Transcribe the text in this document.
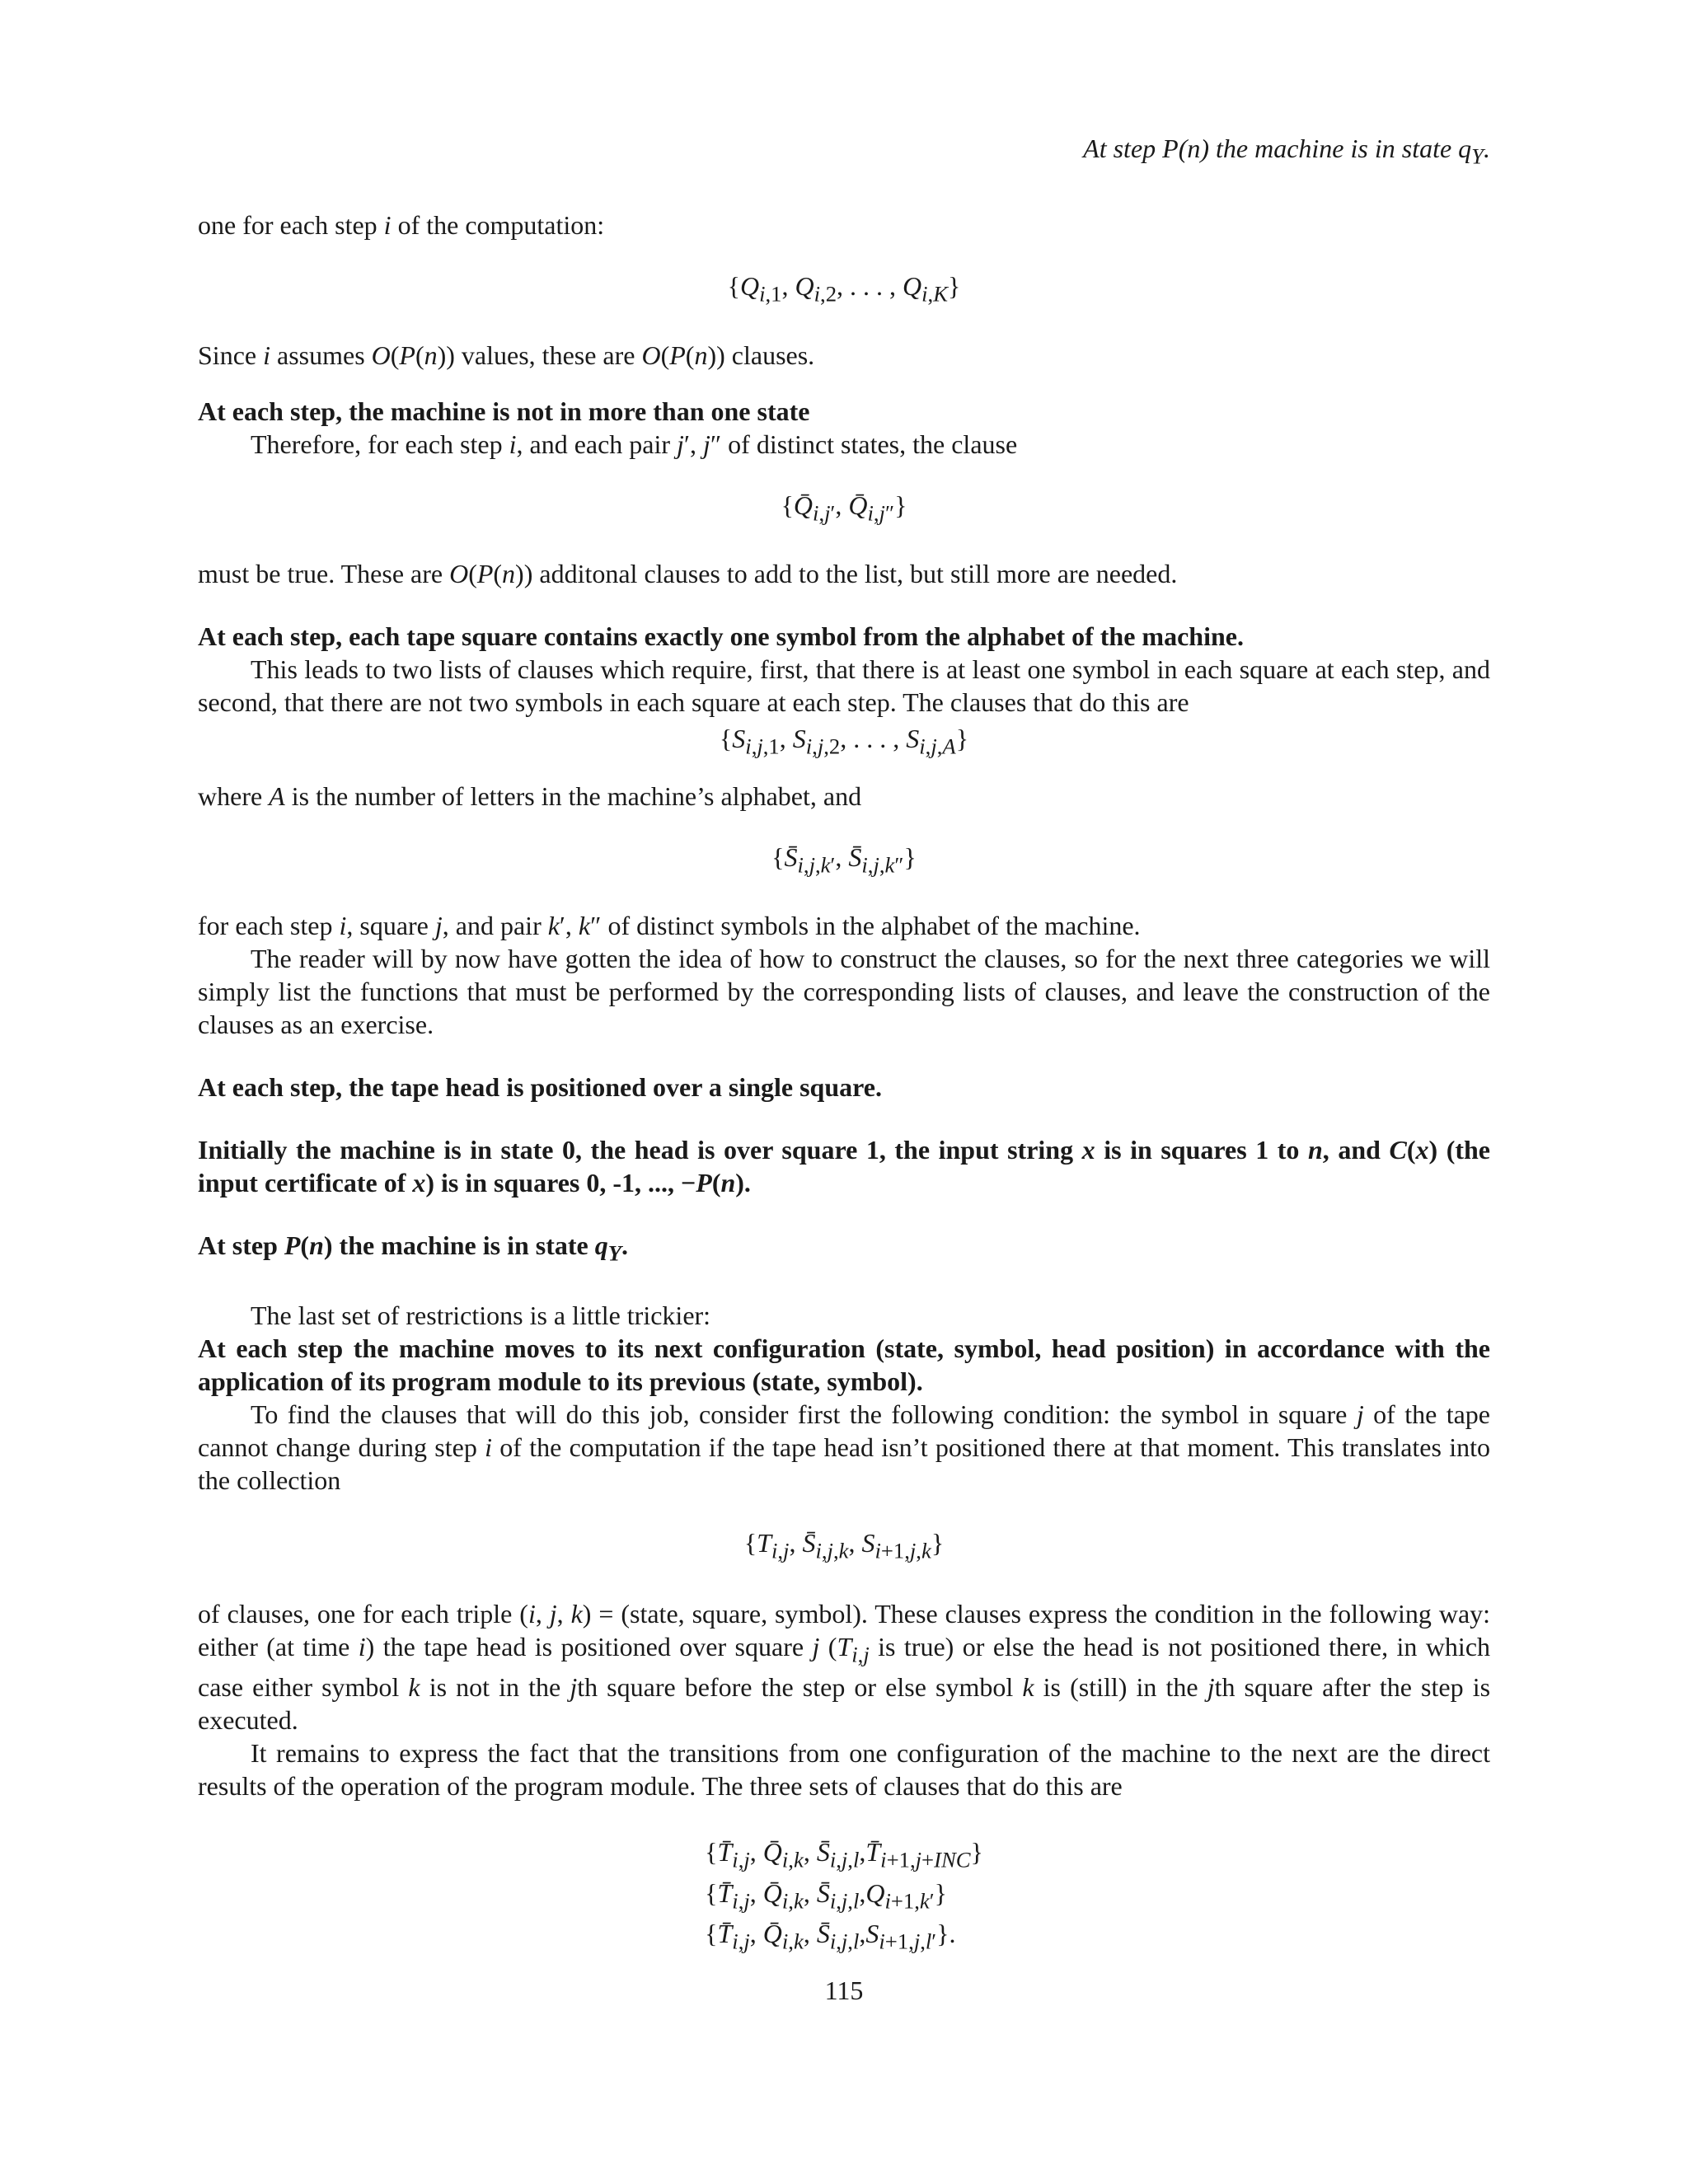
At step P(n) the machine is in state $q_Y$.

one for each step i of the computation:

{$Q_{i,1}$, $Q_{i,2}$, . . . , $Q_{i,K}$}

Since i assumes O(P(n)) values, these are O(P(n)) clauses.

At each step, the machine is not in more than one state

Therefore, for each step i, and each pair j′, j″ of distinct states, the clause

{$Q̄_{i,j'}$, $Q̄_{i,j''}$}

must be true. These are O(P(n)) additonal clauses to add to the list, but still more are needed.

At each step, each tape square contains exactly one symbol from the alphabet of the machine.

This leads to two lists of clauses which require, first, that there is at least one symbol in each square at each step, and second, that there are not two symbols in each square at each step. The clauses that do this are

{$S_{i,j,1}$, $S_{i,j,2}$, . . . , $S_{i,j,A}$}

where A is the number of letters in the machine’s alphabet, and

{$S̄_{i,j,k'}$, $S̄_{i,j,k''}$}

for each step i, square j, and pair k′, k″ of distinct symbols in the alphabet of the machine.

The reader will by now have gotten the idea of how to construct the clauses, so for the next three categories we will simply list the functions that must be performed by the corresponding lists of clauses, and leave the construction of the clauses as an exercise.

At each step, the tape head is positioned over a single square.

Initially the machine is in state 0, the head is over square 1, the input string x is in squares 1 to n, and C(x) (the input certificate of x) is in squares 0, -1, ..., −P(n).

At step P(n) the machine is in state $q_Y$.

The last set of restrictions is a little trickier:

At each step the machine moves to its next configuration (state, symbol, head position) in accordance with the application of its program module to its previous (state, symbol).

To find the clauses that will do this job, consider first the following condition: the symbol in square j of the tape cannot change during step i of the computation if the tape head isn’t positioned there at that moment. This translates into the collection

{$T_{i,j}$, $S̄_{i,j,k}$, $S_{i+1,j,k}$}

of clauses, one for each triple (i, j, k) = (state, square, symbol). These clauses express the condition in the following way: either (at time i) the tape head is positioned over square j ($T_{i,j}$ is true) or else the head is not positioned there, in which case either symbol k is not in the jth square before the step or else symbol k is (still) in the jth square after the step is executed.

It remains to express the fact that the transitions from one configuration of the machine to the next are the direct results of the operation of the program module. The three sets of clauses that do this are

{$T̄_{i,j}$, $Q̄_{i,k}$, $S̄_{i,j,l},T̄_{i+1,j+INC}$}
{$T̄_{i,j}$, $Q̄_{i,k}$, $S̄_{i,j,l},Q_{i+1,k'}$}
{$T̄_{i,j}$, $Q̄_{i,k}$, $S̄_{i,j,l},S_{i+1,j,l'}$}.
115
